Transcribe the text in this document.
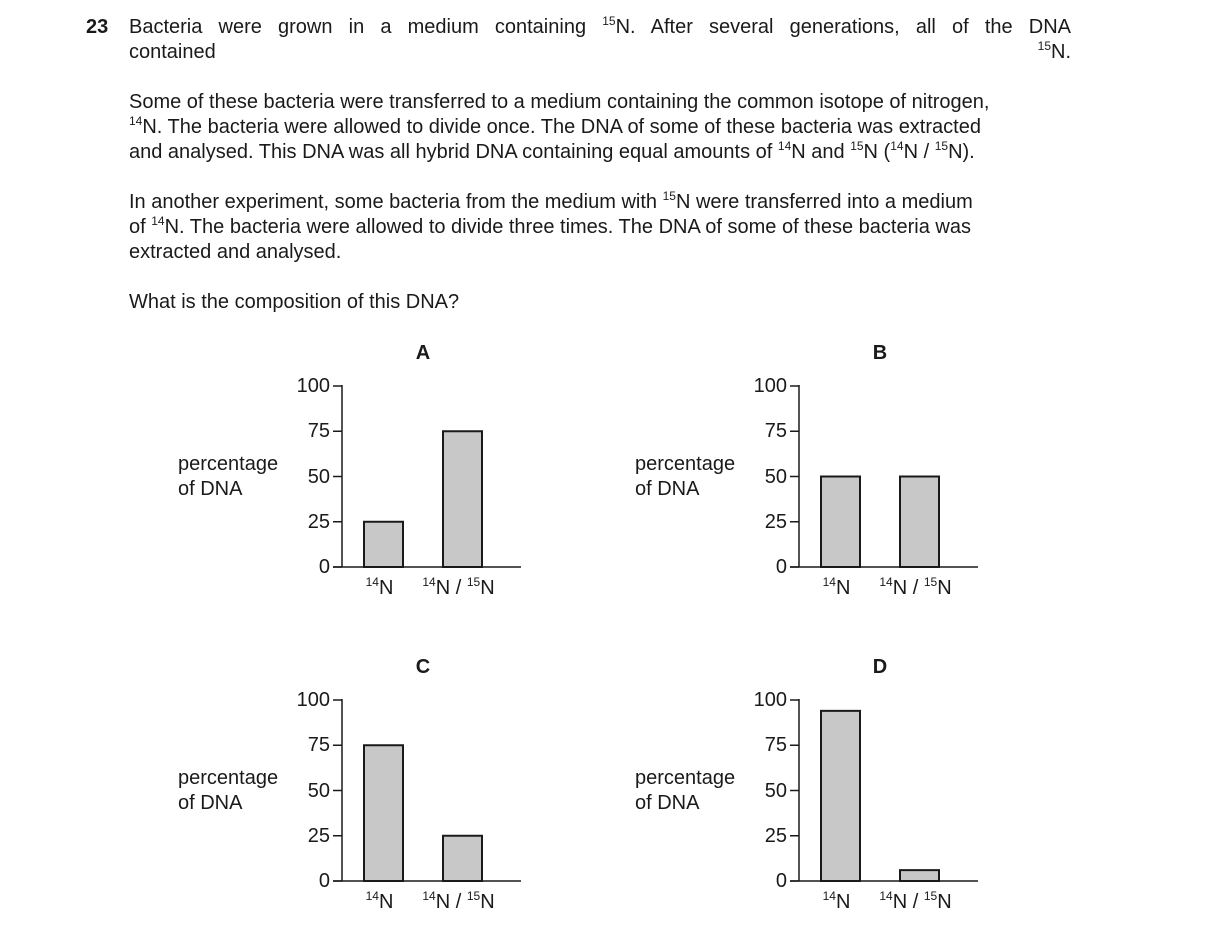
23 Bacteria were grown in a medium containing $^{15}$N. After several generations, all of the DNA
contained $^{15}$N.

Some of these bacteria were transferred to a medium containing the common isotope of nitrogen,
$^{14}$N. The bacteria were allowed to divide once. The DNA of some of these bacteria was extracted
and analysed. This DNA was all hybrid DNA containing equal amounts of $^{14}$N and $^{15}$N ($^{14}$N / $^{15}$N).

In another experiment, some bacteria from the medium with $^{15}$N were transferred into a medium
of $^{14}$N. The bacteria were allowed to divide three times. The DNA of some of these bacteria was
extracted and analysed.

What is the composition of this DNA?

A
percentage of DNA
0
25
50
75
100
$^{14}$N $^{14}$N / $^{15}$N
B
percentage of DNA
0
25
50
75
100
$^{14}$N $^{14}$N / $^{15}$N
C
percentage of DNA
0
25
50
75
100
$^{14}$N $^{14}$N / $^{15}$N
D
percentage of DNA
0
25
50
75
100
$^{14}$N $^{14}$N / $^{15}$N
